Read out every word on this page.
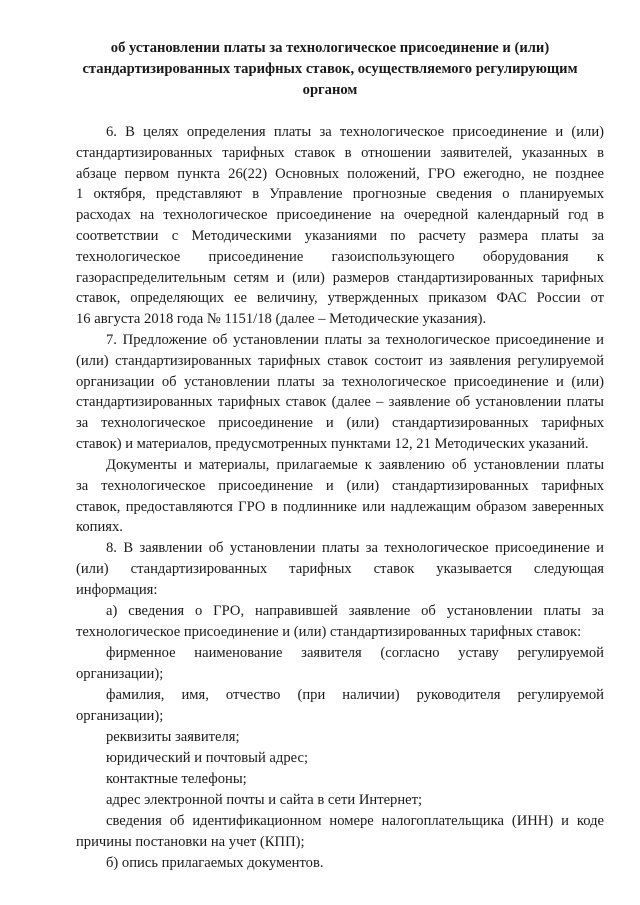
об установлении платы за технологическое присоединение и (или)
стандартизированных тарифных ставок, осуществляемого регулирующим
органом
6. В целях определения платы за технологическое присоединение и (или)
стандартизированных тарифных ставок в отношении заявителей, указанных в
абзаце первом пункта 26(22) Основных положений, ГРО ежегодно, не позднее
1 октября, представляют в Управление прогнозные сведения о планируемых
расходах на технологическое присоединение на очередной календарный год в
соответствии с Методическими указаниями по расчету размера платы за
технологическое присоединение газоиспользующего оборудования к
газораспределительным сетям и (или) размеров стандартизированных тарифных
ставок, определяющих ее величину, утвержденных приказом ФАС России от
16 августа 2018 года № 1151/18 (далее – Методические указания).
7. Предложение об установлении платы за технологическое присоединение и
(или) стандартизированных тарифных ставок состоит из заявления регулируемой
организации об установлении платы за технологическое присоединение и (или)
стандартизированных тарифных ставок (далее – заявление об установлении платы
за технологическое присоединение и (или) стандартизированных тарифных
ставок) и материалов, предусмотренных пунктами 12, 21 Методических указаний.
Документы и материалы, прилагаемые к заявлению об установлении платы
за технологическое присоединение и (или) стандартизированных тарифных
ставок, предоставляются ГРО в подлиннике или надлежащим образом заверенных
копиях.
8. В заявлении об установлении платы за технологическое присоединение и
(или) стандартизированных тарифных ставок указывается следующая
информация:
а) сведения о ГРО, направившей заявление об установлении платы за
технологическое присоединение и (или) стандартизированных тарифных ставок:
фирменное наименование заявителя (согласно уставу регулируемой
организации);
фамилия, имя, отчество (при наличии) руководителя регулируемой
организации);
реквизиты заявителя;
юридический и почтовый адрес;
контактные телефоны;
адрес электронной почты и сайта в сети Интернет;
сведения об идентификационном номере налогоплательщика (ИНН) и коде
причины постановки на учет (КПП);
б) опись прилагаемых документов.
